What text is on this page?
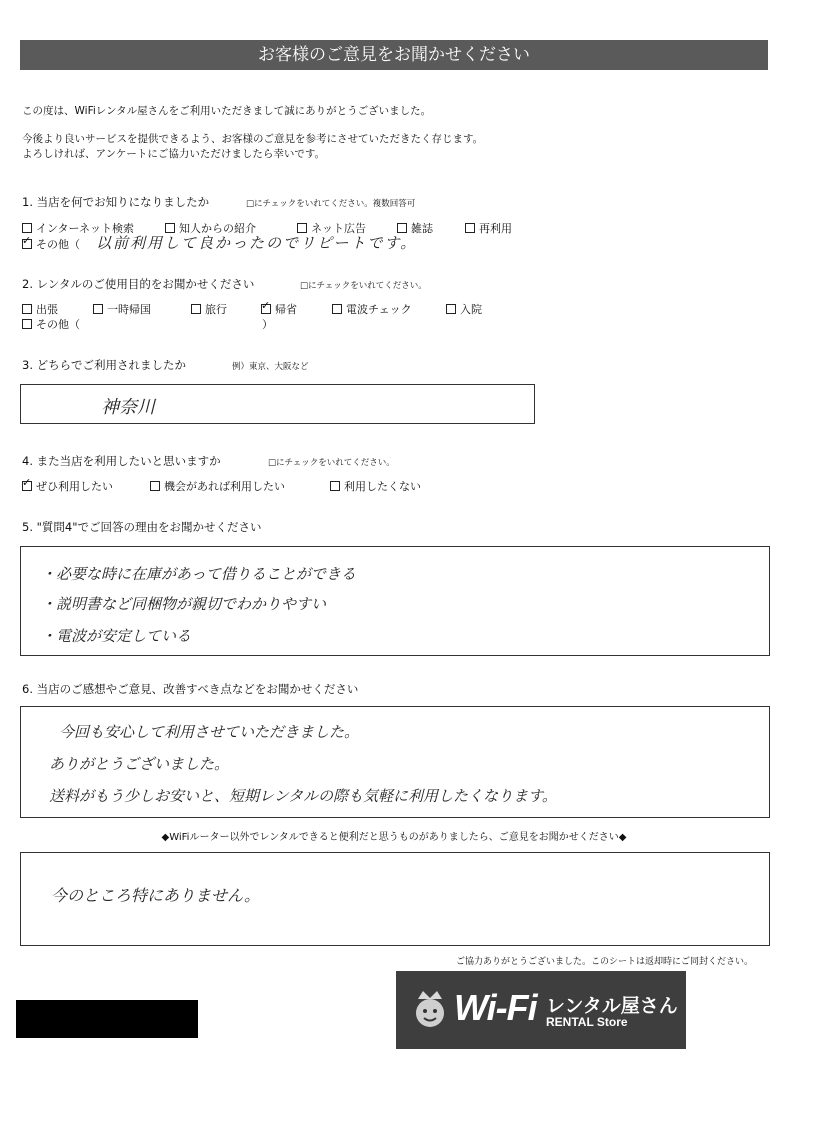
お客様のご意見をお聞かせください
この度は、WiFiレンタル屋さんをご利用いただきまして誠にありがとうございました。
今後より良いサービスを提供できるよう、お客様のご意見を参考にさせていただきたく存じます。
よろしければ、アンケートにご協力いただけましたら幸いです。
1. 当店を何でお知りになりましたか	□にチェックをいれてください。複数回答可
インターネット検索	知人からの紹介	ネット広告	雑誌	再利用
✓
その他（ 以前利用して良かったのでリピートです。
2. レンタルのご使用目的をお聞かせください	□にチェックをいれてください。
出張	一時帰国	旅行
✓	帰省	電波チェック	入院
その他（	）
3. どちらでご利用されましたか	例）東京、大阪など
神奈川
4. また当店を利用したいと思いますか	□にチェックをいれてください。
✓
ぜひ利用したい	機会があれば利用したい	利用したくない
5. "質問4"でご回答の理由をお聞かせください
・必要な時に在庫があって借りることができる
・説明書など同梱物が親切でわかりやすい
・電波が安定している
6. 当店のご感想やご意見、改善すべき点などをお聞かせください
今回も安心して利用させていただきました。
ありがとうございました。
送料がもう少しお安いと、短期レンタルの際も気軽に利用したくなります。
◆WiFiルーター以外でレンタルできると便利だと思うものがありましたら、ご意見をお聞かせください◆
今のところ特にありません。
ご協力ありがとうございました。このシートは返却時にご同封ください。
Wi-Fi レンタル屋さん
RENTAL Store
